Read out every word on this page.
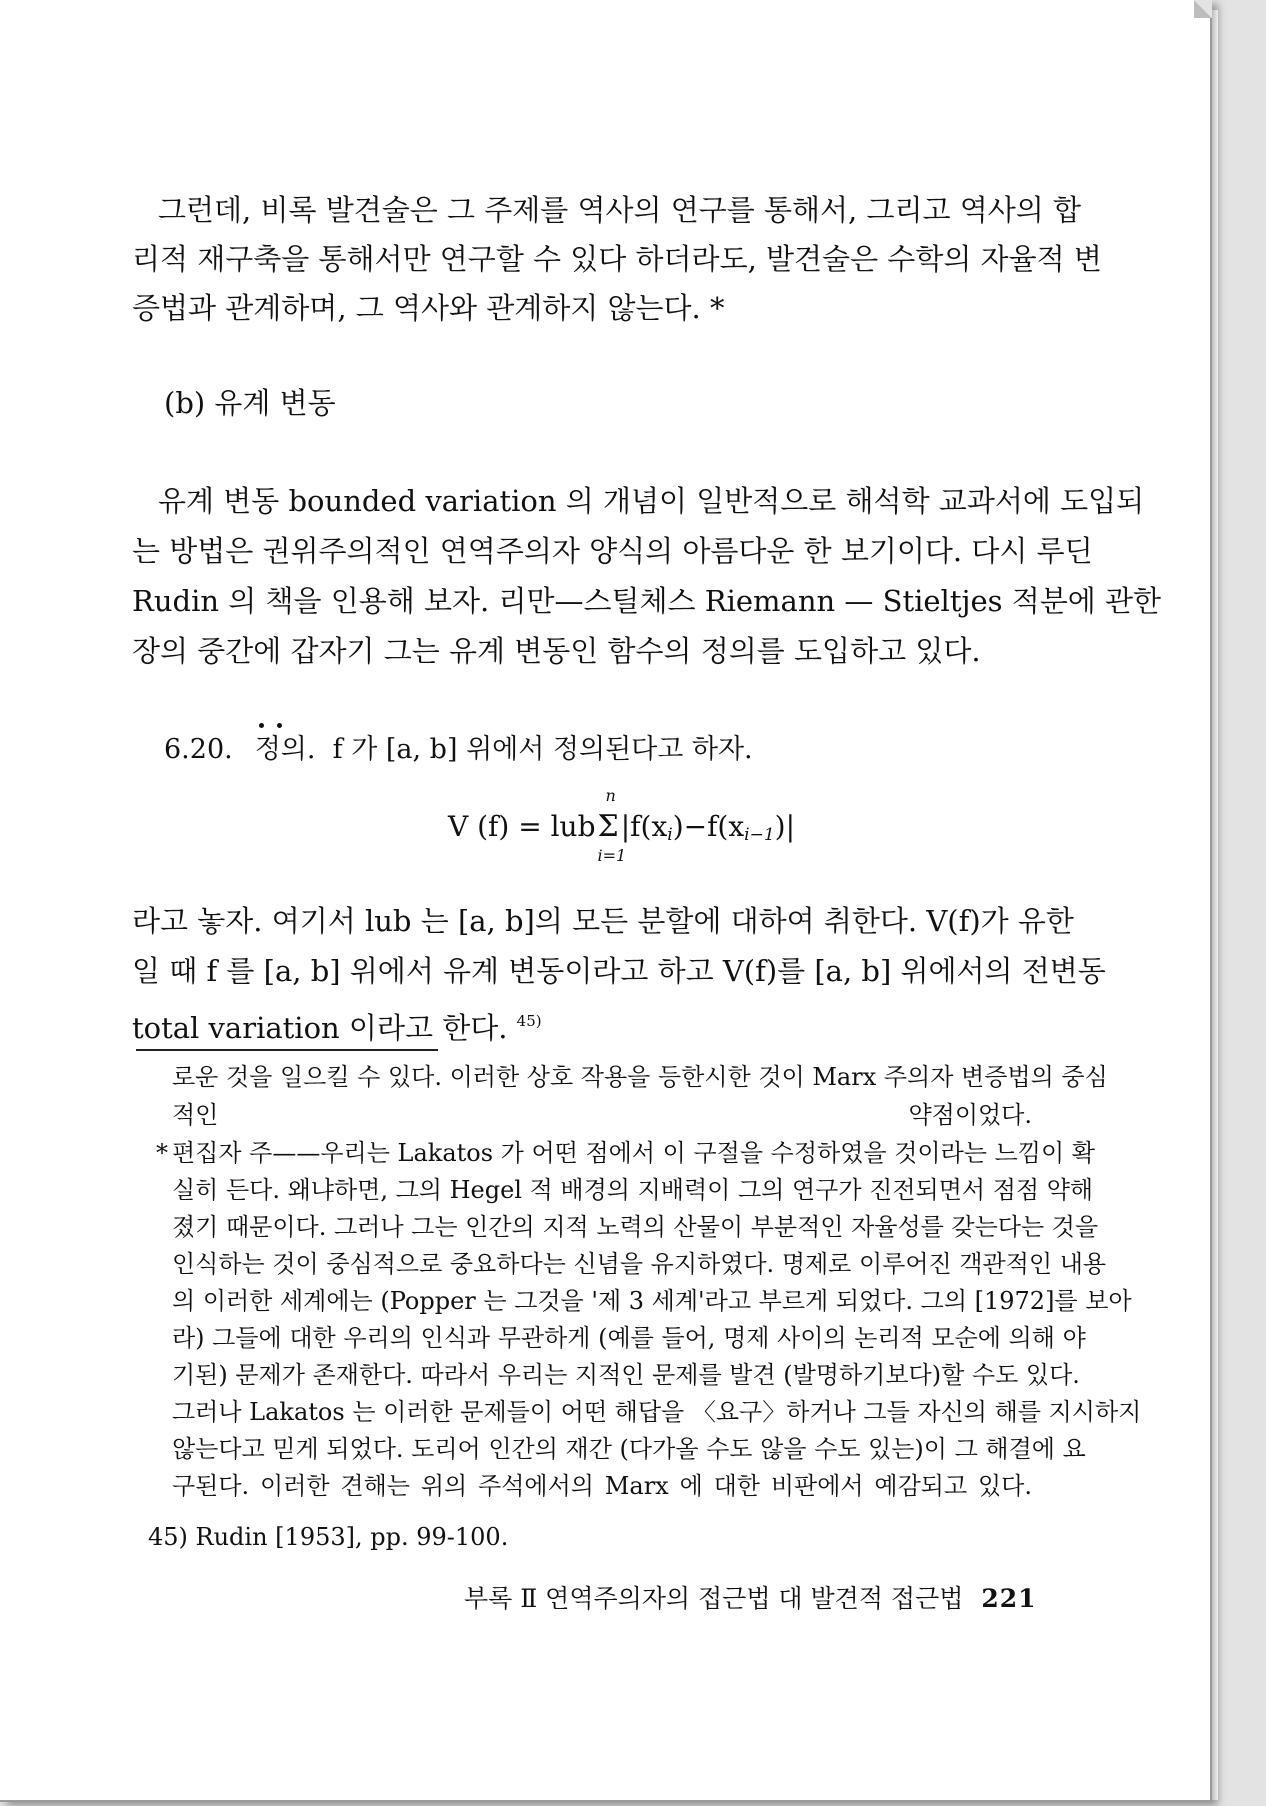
그런데, 비록 발견술은 그 주제를 역사의 연구를 통해서, 그리고 역사의 합
리적 재구축을 통해서만 연구할 수 있다 하더라도, 발견술은 수학의 자율적 변
증법과 관계하며, 그 역사와 관계하지 않는다. *
(b) 유계 변동
유계 변동 bounded variation 의 개념이 일반적으로 해석학 교과서에 도입되
는 방법은 권위주의적인 연역주의자 양식의 아름다운 한 보기이다. 다시 루딘
Rudin 의 책을 인용해 보자. 리만—스틸체스 Riemann — Stieltjes 적분에 관한
장의 중간에 갑자기 그는 유계 변동인 함수의 정의를 도입하고 있다.
6.20. 정의. f 가 [a, b] 위에서 정의된다고 하자.
V (f) = lub
n
Σ
i=1
|f(xi)−f(xi−1)|
라고 놓자. 여기서 lub 는 [a, b]의 모든 분할에 대하여 취한다. V(f)가 유한
일 때 f 를 [a, b] 위에서 유계 변동이라고 하고 V(f)를 [a, b] 위에서의 전변동
total variation 이라고 한다. $^{45)}$
로운 것을 일으킬 수 있다. 이러한 상호 작용을 등한시한 것이 Marx 주의자 변증법의 중심
적인 약점이었다.
* 편집자 주——우리는 Lakatos 가 어떤 점에서 이 구절을 수정하였을 것이라는 느낌이 확
실히 든다. 왜냐하면, 그의 Hegel 적 배경의 지배력이 그의 연구가 진전되면서 점점 약해
졌기 때문이다. 그러나 그는 인간의 지적 노력의 산물이 부분적인 자율성를 갖는다는 것을
인식하는 것이 중심적으로 중요하다는 신념을 유지하였다. 명제로 이루어진 객관적인 내용
의 이러한 세계에는 (Popper 는 그것을 '제 3 세계'라고 부르게 되었다. 그의 [1972]를 보아
라) 그들에 대한 우리의 인식과 무관하게 (예를 들어, 명제 사이의 논리적 모순에 의해 야
기된) 문제가 존재한다. 따라서 우리는 지적인 문제를 발견 (발명하기보다)할 수도 있다.
그러나 Lakatos 는 이러한 문제들이 어떤 해답을 〈요구〉하거나 그들 자신의 해를 지시하지
않는다고 믿게 되었다. 도리어 인간의 재간 (다가올 수도 않을 수도 있는)이 그 해결에 요
구된다. 이러한 견해는 위의 주석에서의 Marx 에 대한 비판에서 예감되고 있다.
45) Rudin [1953], pp. 99-100.
부록 Ⅱ 연역주의자의 접근법 대 발견적 접근법 221
